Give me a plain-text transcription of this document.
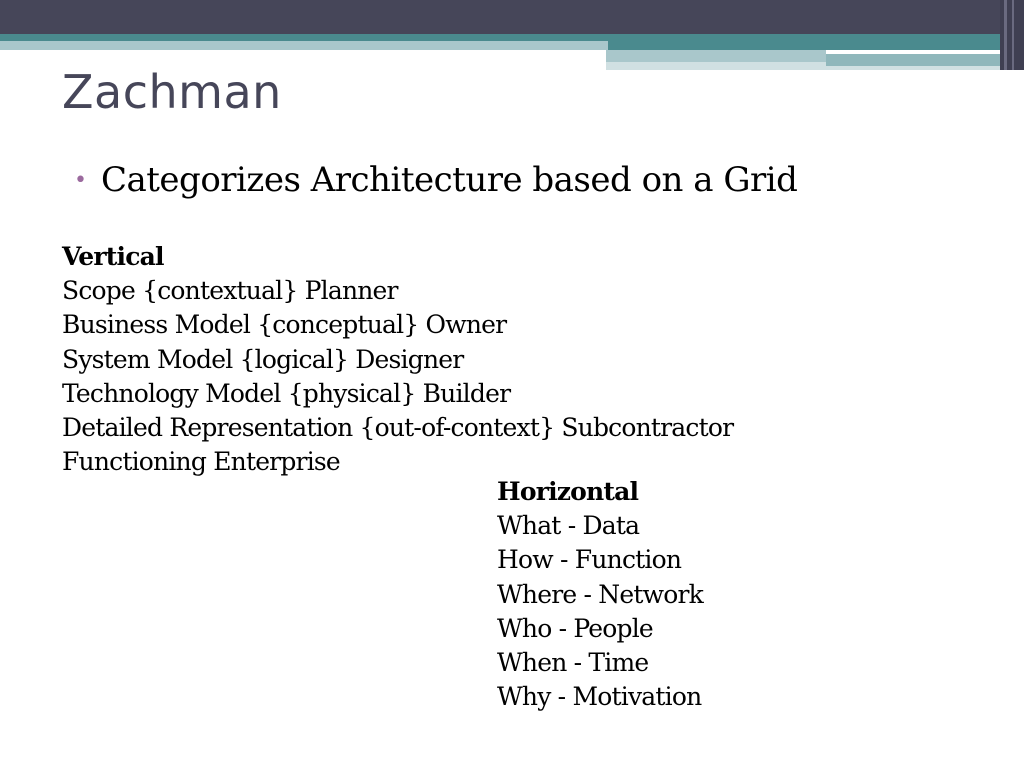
Zachman
• Categorizes Architecture based on a Grid
Vertical
Scope {contextual} Planner
Business Model {conceptual} Owner
System Model {logical} Designer
Technology Model {physical} Builder
Detailed Representation {out-of-context} Subcontractor
Functioning Enterprise
Horizontal
What - Data
How - Function
Where - Network
Who - People
When - Time
Why - Motivation
